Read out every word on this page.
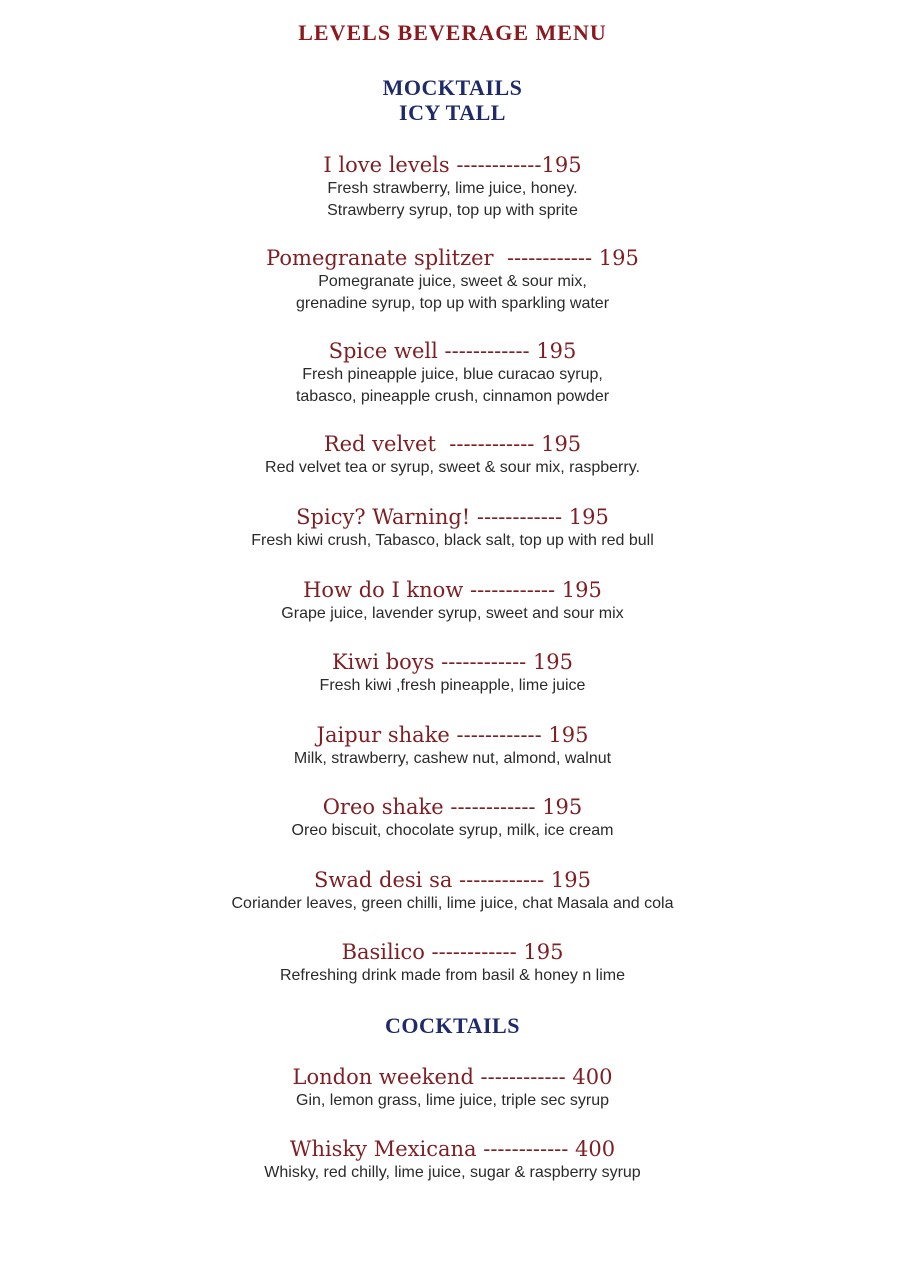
LEVELS BEVERAGE MENU
MOCKTAILS
ICY TALL
I love levels ------------195
Fresh strawberry, lime juice, honey.
Strawberry syrup, top up with sprite
Pomegranate splitzer  ------------ 195
Pomegranate juice, sweet & sour mix,
grenadine syrup, top up with sparkling water
Spice well ------------ 195
Fresh pineapple juice, blue curacao syrup,
tabasco, pineapple crush, cinnamon powder
Red velvet  ------------ 195
Red velvet tea or syrup, sweet & sour mix, raspberry.
Spicy? Warning! ------------ 195
Fresh kiwi crush, Tabasco, black salt, top up with red bull
How do I know ------------ 195
Grape juice, lavender syrup, sweet and sour mix
Kiwi boys ------------ 195
Fresh kiwi ,fresh pineapple, lime juice
Jaipur shake ------------ 195
Milk, strawberry, cashew nut, almond, walnut
Oreo shake ------------ 195
Oreo biscuit, chocolate syrup, milk, ice cream
Swad desi sa ------------ 195
Coriander leaves, green chilli, lime juice, chat Masala and cola
Basilico ------------ 195
Refreshing drink made from basil & honey n lime
COCKTAILS
London weekend ------------ 400
Gin, lemon grass, lime juice, triple sec syrup
Whisky Mexicana ------------ 400
Whisky, red chilly, lime juice, sugar & raspberry syrup
